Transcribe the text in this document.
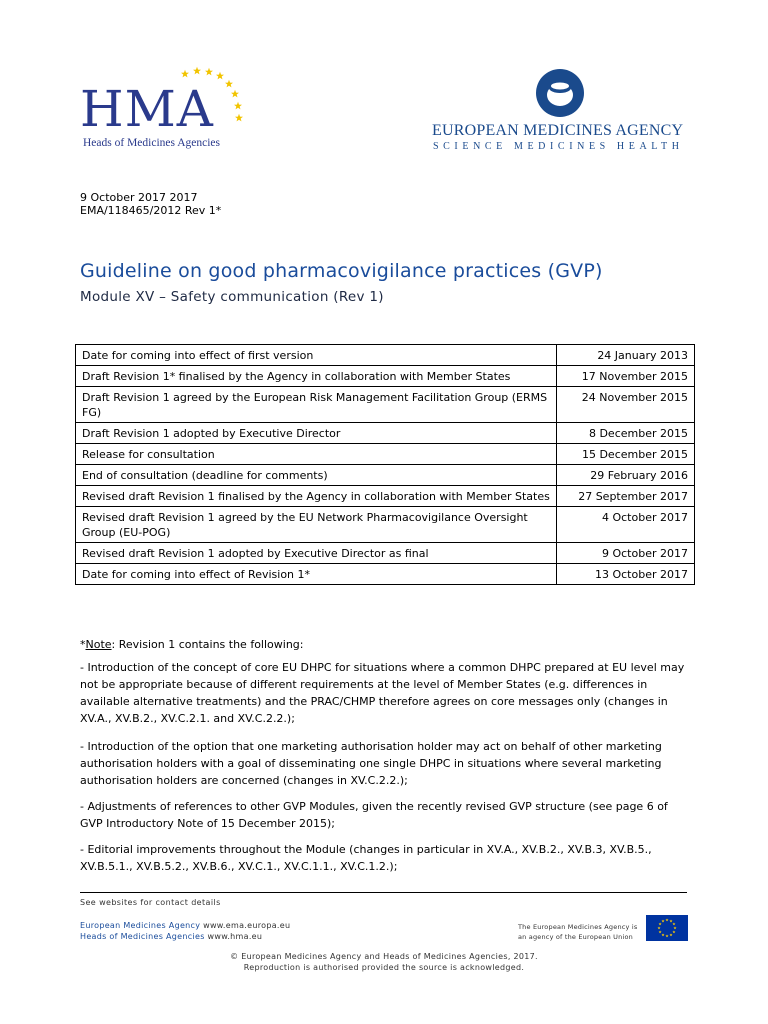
HMA
Heads of Medicines Agencies
EUROPEAN MEDICINES AGENCY
SCIENCE MEDICINES HEALTH
9 October 2017 2017
EMA/118465/2012 Rev 1*
Guideline on good pharmacovigilance practices (GVP)
Module XV – Safety communication (Rev 1)
Date for coming into effect of first version	24 January 2013
Draft Revision 1* finalised by the Agency in collaboration with Member States	17 November 2015
Draft Revision 1 agreed by the European Risk Management Facilitation Group (ERMS FG)	24 November 2015
Draft Revision 1 adopted by Executive Director	8 December 2015
Release for consultation	15 December 2015
End of consultation (deadline for comments)	29 February 2016
Revised draft Revision 1 finalised by the Agency in collaboration with Member States	27 September 2017
Revised draft Revision 1 agreed by the EU Network Pharmacovigilance Oversight Group (EU-POG)	4 October 2017
Revised draft Revision 1 adopted by Executive Director as final	9 October 2017
Date for coming into effect of Revision 1*	13 October 2017
*Note: Revision 1 contains the following:
- Introduction of the concept of core EU DHPC for situations where a common DHPC prepared at EU level may not be appropriate because of different requirements at the level of Member States (e.g. differences in available alternative treatments) and the PRAC/CHMP therefore agrees on core messages only (changes in XV.A., XV.B.2., XV.C.2.1. and XV.C.2.2.);
- Introduction of the option that one marketing authorisation holder may act on behalf of other marketing authorisation holders with a goal of disseminating one single DHPC in situations where several marketing authorisation holders are concerned (changes in XV.C.2.2.);
- Adjustments of references to other GVP Modules, given the recently revised GVP structure (see page 6 of GVP Introductory Note of 15 December 2015);
- Editorial improvements throughout the Module (changes in particular in XV.A., XV.B.2., XV.B.3, XV.B.5., XV.B.5.1., XV.B.5.2., XV.B.6., XV.C.1., XV.C.1.1., XV.C.1.2.);
See websites for contact details
European Medicines Agency www.ema.europa.eu
Heads of Medicines Agencies www.hma.eu
The European Medicines Agency is
an agency of the European Union
© European Medicines Agency and Heads of Medicines Agencies, 2017.
Reproduction is authorised provided the source is acknowledged.
